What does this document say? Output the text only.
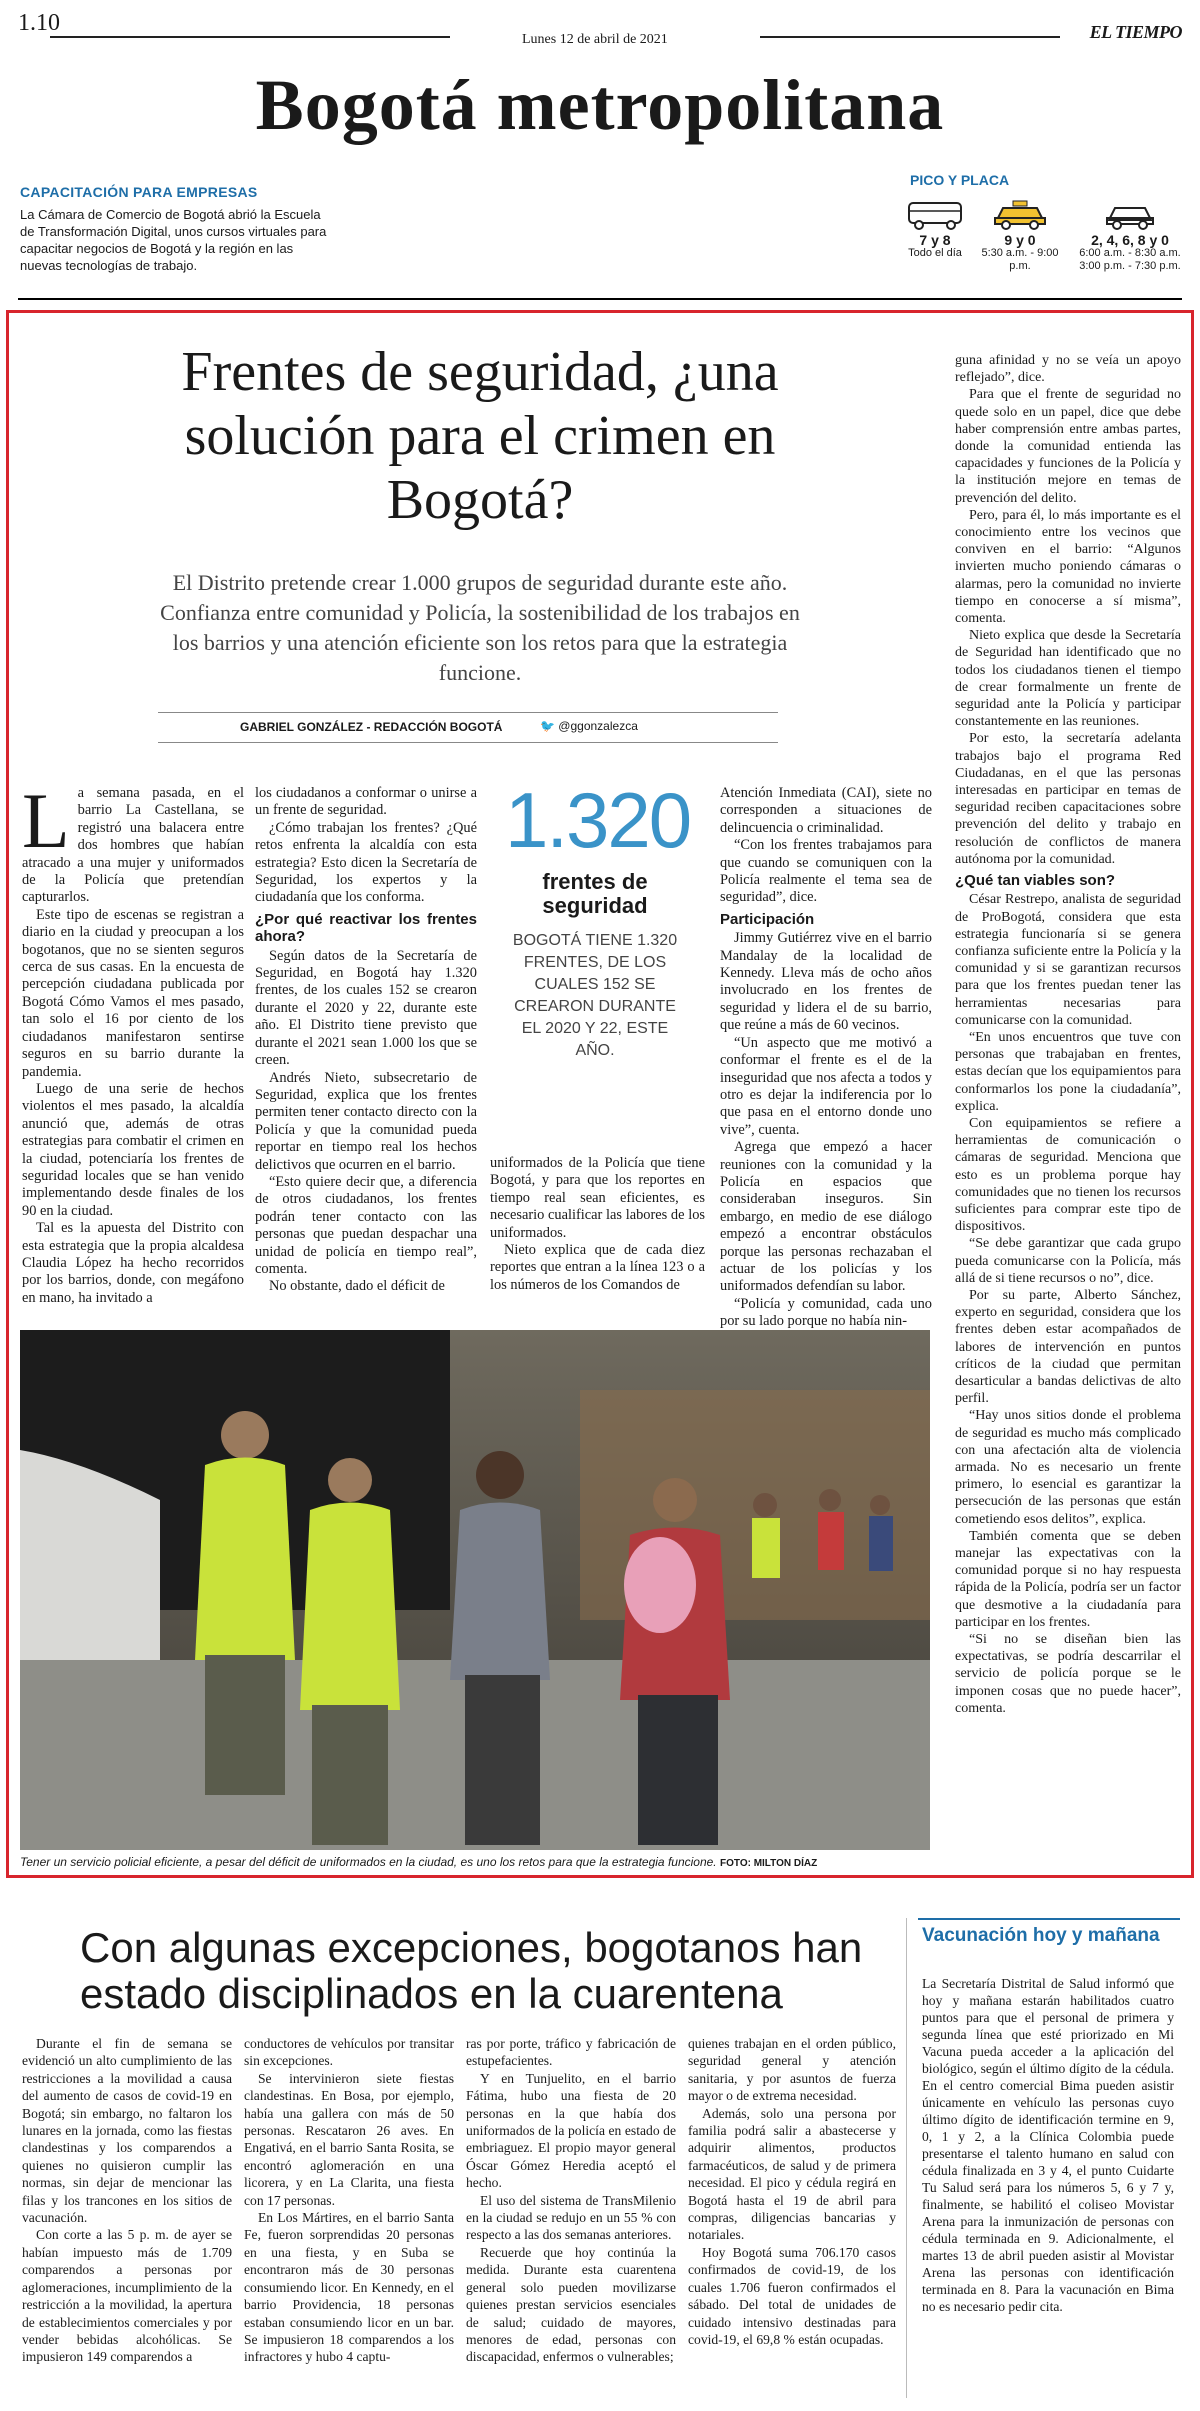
1.10
Lunes 12 de abril de 2021	EL TIEMPO
Bogotá metropolitana
CAPACITACIÓN PARA EMPRESAS
La Cámara de Comercio de Bogotá abrió la Escuela de Transformación Digital, unos cursos virtuales para capacitar negocios de Bogotá y la región en las nuevas tecnologías de trabajo.
PICO Y PLACA
7 y 8
Todo el día
9 y 0
5:30 a.m. - 9:00 p.m.
2, 4, 6, 8 y 0
6:00 a.m. - 8:30 a.m. 3:00 p.m. - 7:30 p.m.
Frentes de seguridad, ¿una solución para el crimen en Bogotá?
El Distrito pretende crear 1.000 grupos de seguridad durante este año. Confianza entre comunidad y Policía, la sostenibilidad de los trabajos en los barrios y una atención eficiente son los retos para que la estrategia funcione.
GABRIEL GONZÁLEZ - REDACCIÓN BOGOTÁ	🐦 @ggonzalezca
L a semana pasada, en el barrio La Castellana, se registró una balacera entre dos hombres que habían atracado a una mujer y uniformados de la Policía que pretendían capturarlos.

Este tipo de escenas se registran a diario en la ciudad y preocupan a los bogotanos, que no se sienten seguros cerca de sus casas. En la encuesta de percepción ciudadana publicada por Bogotá Cómo Vamos el mes pasado, tan solo el 16 por ciento de los ciudadanos manifestaron sentirse seguros en su barrio durante la pandemia.

Luego de una serie de hechos violentos el mes pasado, la alcaldía anunció que, además de otras estrategias para combatir el crimen en la ciudad, potenciaría los frentes de seguridad locales que se han venido implementando desde finales de los 90 en la ciudad.

Tal es la apuesta del Distrito con esta estrategia que la propia alcaldesa Claudia López ha hecho recorridos por los barrios, donde, con megáfono en mano, ha invitado a

los ciudadanos a conformar o unirse a un frente de seguridad.

¿Cómo trabajan los frentes? ¿Qué retos enfrenta la alcaldía con esta estrategia? Esto dicen la Secretaría de Seguridad, los expertos y la ciudadanía que los conforma.

¿Por qué reactivar los frentes ahora?

Según datos de la Secretaría de Seguridad, en Bogotá hay 1.320 frentes, de los cuales 152 se crearon durante el 2020 y 22, durante este año. El Distrito tiene previsto que durante el 2021 sean 1.000 los que se creen.

Andrés Nieto, subsecretario de Seguridad, explica que los frentes permiten tener contacto directo con la Policía y que la comunidad pueda reportar en tiempo real los hechos delictivos que ocurren en el barrio.

“Esto quiere decir que, a diferencia de otros ciudadanos, los frentes podrán tener contacto con las personas que puedan despachar una unidad de policía en tiempo real”, comenta.

No obstante, dado el déficit de

1.320
frentes de seguridad
BOGOTÁ TIENE 1.320 FRENTES, DE LOS CUALES 152 SE CREARON DURANTE EL 2020 Y 22, ESTE AÑO.

uniformados de la Policía que tiene Bogotá, y para que los reportes en tiempo real sean eficientes, es necesario cualificar las labores de los uniformados.

Nieto explica que de cada diez reportes que entran a la línea 123 o a los números de los Comandos de

Atención Inmediata (CAI), siete no corresponden a situaciones de delincuencia o criminalidad.

“Con los frentes trabajamos para que cuando se comuniquen con la Policía realmente el tema sea de seguridad”, dice.

Participación

Jimmy Gutiérrez vive en el barrio Mandalay de la localidad de Kennedy. Lleva más de ocho años involucrado en los frentes de seguridad y lidera el de su barrio, que reúne a más de 60 vecinos.

“Un aspecto que me motivó a conformar el frente es el de la inseguridad que nos afecta a todos y otro es dejar la indiferencia por lo que pasa en el entorno donde uno vive”, cuenta.

Agrega que empezó a hacer reuniones con la comunidad y la Policía en espacios que consideraban inseguros. Sin embargo, en medio de ese diálogo empezó a encontrar obstáculos porque las personas rechazaban el actuar de los policías y los uniformados defendían su labor.

“Policía y comunidad, cada uno por su lado porque no había nin-

guna afinidad y no se veía un apoyo reflejado”, dice.

Para que el frente de seguridad no quede solo en un papel, dice que debe haber comprensión entre ambas partes, donde la comunidad entienda las capacidades y funciones de la Policía y la institución mejore en temas de prevención del delito.

Pero, para él, lo más importante es el conocimiento entre los vecinos que conviven en el barrio: “Algunos invierten mucho poniendo cámaras o alarmas, pero la comunidad no invierte tiempo en conocerse a sí misma”, comenta.

Nieto explica que desde la Secretaría de Seguridad han identificado que no todos los ciudadanos tienen el tiempo de crear formalmente un frente de seguridad ante la Policía y participar constantemente en las reuniones.

Por esto, la secretaría adelanta trabajos bajo el programa Red Ciudadanas, en el que las personas interesadas en participar en temas de seguridad reciben capacitaciones sobre prevención del delito y trabajo en resolución de conflictos de manera autónoma por la comunidad.

¿Qué tan viables son?

César Restrepo, analista de seguridad de ProBogotá, considera que esta estrategia funcionaría si se genera confianza suficiente entre la Policía y la comunidad y si se garantizan recursos para que los frentes puedan tener las herramientas necesarias para comunicarse con la comunidad.

“En unos encuentros que tuve con personas que trabajaban en frentes, estas decían que los equipamientos para conformarlos los pone la ciudadanía”, explica.

Con equipamientos se refiere a herramientas de comunicación o cámaras de seguridad. Menciona que esto es un problema porque hay comunidades que no tienen los recursos suficientes para comprar este tipo de dispositivos.

“Se debe garantizar que cada grupo pueda comunicarse con la Policía, más allá de si tiene recursos o no”, dice.

Por su parte, Alberto Sánchez, experto en seguridad, considera que los frentes deben estar acompañados de labores de intervención en puntos críticos de la ciudad que permitan desarticular a bandas delictivas de alto perfil.

“Hay unos sitios donde el problema de seguridad es mucho más complicado con una afectación alta de violencia armada. No es necesario un frente primero, lo esencial es garantizar la persecución de las personas que están cometiendo esos delitos”, explica.

También comenta que se deben manejar las expectativas con la comunidad porque si no hay respuesta rápida de la Policía, podría ser un factor que desmotive a la ciudadanía para participar en los frentes.

“Si no se diseñan bien las expectativas, se podría descarrilar el servicio de policía porque se le imponen cosas que no puede hacer”, comenta.

Tener un servicio policial eficiente, a pesar del déficit de uniformados en la ciudad, es uno los retos para que la estrategia funcione. FOTO: MILTON DÍAZ
Con algunas excepciones, bogotanos han estado disciplinados en la cuarentena

Durante el fin de semana se evidenció un alto cumplimiento de las restricciones a la movilidad a causa del aumento de casos de covid-19 en Bogotá; sin embargo, no faltaron los lunares en la jornada, como las fiestas clandestinas y los comparendos a quienes no quisieron cumplir las normas, sin dejar de mencionar las filas y los trancones en los sitios de vacunación.

Con corte a las 5 p. m. de ayer se habían impuesto más de 1.709 comparendos a personas por aglomeraciones, incumplimiento de la restricción a la movilidad, la apertura de establecimientos comerciales y por vender bebidas alcohólicas. Se impusieron 149 comparendos a

conductores de vehículos por transitar sin excepciones.

Se intervinieron siete fiestas clandestinas. En Bosa, por ejemplo, había una gallera con más de 50 personas. Rescataron 26 aves. En Engativá, en el barrio Santa Rosita, se encontró aglomeración en una licorera, y en La Clarita, una fiesta con 17 personas.

En Los Mártires, en el barrio Santa Fe, fueron sorprendidas 20 personas en una fiesta, y en Suba se encontraron más de 30 personas consumiendo licor. En Kennedy, en el barrio Providencia, 18 personas estaban consumiendo licor en un bar. Se impusieron 18 comparendos a los infractores y hubo 4 captu-

ras por porte, tráfico y fabricación de estupefacientes.

Y en Tunjuelito, en el barrio Fátima, hubo una fiesta de 20 personas en la que había dos uniformados de la policía en estado de embriaguez. El propio mayor general Óscar Gómez Heredia aceptó el hecho.

El uso del sistema de TransMilenio en la ciudad se redujo en un 55 % con respecto a las dos semanas anteriores.

Recuerde que hoy continúa la medida. Durante esta cuarentena general solo pueden movilizarse quienes prestan servicios esenciales de salud; cuidado de mayores, menores de edad, personas con discapacidad, enfermos o vulnerables;

quienes trabajan en el orden público, seguridad general y atención sanitaria, y por asuntos de fuerza mayor o de extrema necesidad.

Además, solo una persona por familia podrá salir a abastecerse y adquirir alimentos, productos farmacéuticos, de salud y de primera necesidad. El pico y cédula regirá en Bogotá hasta el 19 de abril para compras, diligencias bancarias y notariales.

Hoy Bogotá suma 706.170 casos confirmados de covid-19, de los cuales 1.706 fueron confirmados el sábado. Del total de unidades de cuidado intensivo destinadas para covid-19, el 69,8 % están ocupadas.

Vacunación hoy y mañana
La Secretaría Distrital de Salud informó que hoy y mañana estarán habilitados cuatro puntos para que el personal de primera y segunda línea que esté priorizado en Mi Vacuna pueda acceder a la aplicación del biológico, según el último dígito de la cédula. En el centro comercial Bima pueden asistir únicamente en vehículo las personas cuyo último dígito de identificación termine en 9, 0, 1 y 2, a la Clínica Colombia puede presentarse el talento humano en salud con cédula finalizada en 3 y 4, el punto Cuidarte Tu Salud será para los números 5, 6 y 7 y, finalmente, se habilitó el coliseo Movistar Arena para la inmunización de personas con cédula terminada en 9. Adicionalmente, el martes 13 de abril pueden asistir al Movistar Arena las personas con identificación terminada en 8. Para la vacunación en Bima no es necesario pedir cita.
